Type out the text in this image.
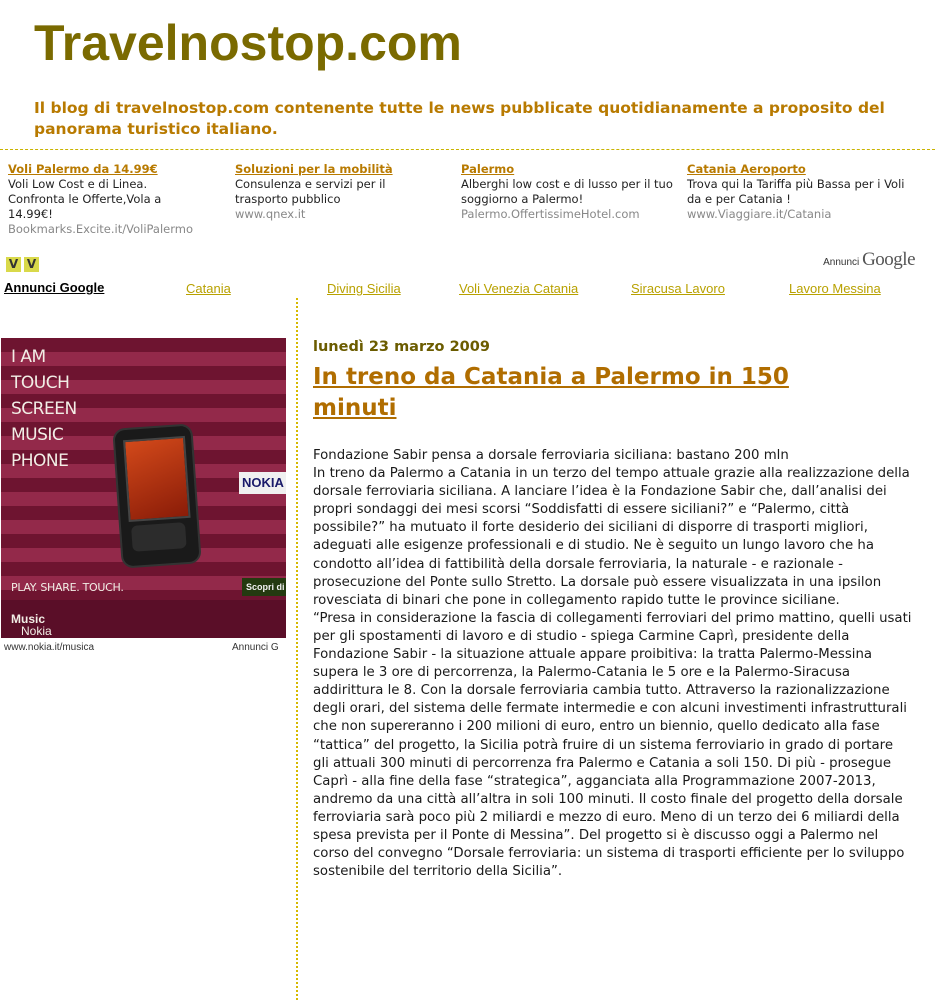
Travelnostop.com

Il blog di travelnostop.com contenente tutte le news pubblicate quotidianamente a proposito del panorama turistico italiano.

Voli Palermo da 14.99€
Voli Low Cost e di Linea. Confronta le Offerte,Vola a 14.99€!
Bookmarks.Excite.it/VoliPalermo
Soluzioni per la mobilità
Consulenza e servizi per il trasporto pubblico
www.qnex.it
Palermo
Alberghi low cost e di lusso per il tuo soggiorno a Palermo!
Palermo.OffertissimeHotel.com
Catania Aeroporto
Trova qui la Tariffa più Bassa per i Voli da e per Catania !
www.Viaggiare.it/Catania
V V	Annunci Google
Annunci Google	Catania	Diving Sicilia	Voli Venezia Catania	Siracusa Lavoro	Lavoro Messina
I AM
TOUCH
SCREEN
MUSIC
PHONE
NOKIA
PLAY. SHARE. TOUCH.	Scopri di
Nokia
Music
www.nokia.it/musica	Annunci G
lunedì 23 marzo 2009
In treno da Catania a Palermo in 150 minuti

Fondazione Sabir pensa a dorsale ferroviaria siciliana: bastano 200 mln
In treno da Palermo a Catania in un terzo del tempo attuale grazie alla realizzazione della dorsale ferroviaria siciliana. A lanciare l’idea è la Fondazione Sabir che, dall’analisi dei propri sondaggi dei mesi scorsi “Soddisfatti di essere siciliani?” e “Palermo, città possibile?” ha mutuato il forte desiderio dei siciliani di disporre di trasporti migliori, adeguati alle esigenze professionali e di studio. Ne è seguito un lungo lavoro che ha condotto all’idea di fattibilità della dorsale ferroviaria, la naturale - e razionale - prosecuzione del Ponte sullo Stretto. La dorsale può essere visualizzata in una ipsilon rovesciata di binari che pone in collegamento rapido tutte le province siciliane.
“Presa in considerazione la fascia di collegamenti ferroviari del primo mattino, quelli usati per gli spostamenti di lavoro e di studio - spiega Carmine Caprì, presidente della Fondazione Sabir - la situazione attuale appare proibitiva: la tratta Palermo-Messina supera le 3 ore di percorrenza, la Palermo-Catania le 5 ore e la Palermo-Siracusa addirittura le 8. Con la dorsale ferroviaria cambia tutto. Attraverso la razionalizzazione degli orari, del sistema delle fermate intermedie e con alcuni investimenti infrastrutturali che non supereranno i 200 milioni di euro, entro un biennio, quello dedicato alla fase “tattica” del progetto, la Sicilia potrà fruire di un sistema ferroviario in grado di portare gli attuali 300 minuti di percorrenza fra Palermo e Catania a soli 150. Di più - prosegue Caprì - alla fine della fase “strategica”, agganciata alla Programmazione 2007-2013, andremo da una città all’altra in soli 100 minuti. Il costo finale del progetto della dorsale ferroviaria sarà poco più 2 miliardi e mezzo di euro. Meno di un terzo dei 6 miliardi della spesa prevista per il Ponte di Messina”. Del progetto si è discusso oggi a Palermo nel corso del convegno “Dorsale ferroviaria: un sistema di trasporti efficiente per lo sviluppo sostenibile del territorio della Sicilia”.
